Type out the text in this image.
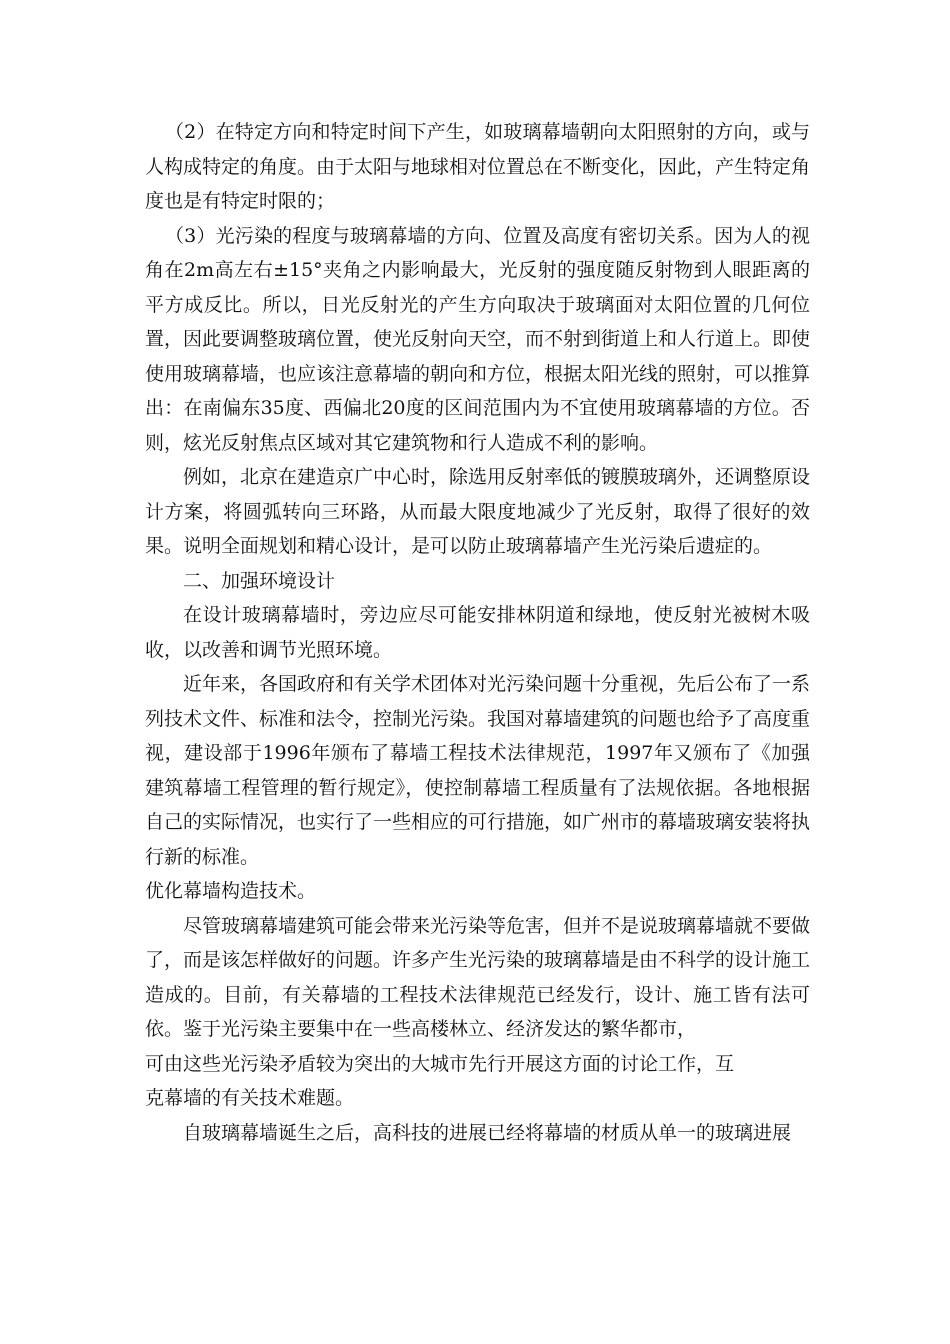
（2）在特定方向和特定时间下产生，如玻璃幕墙朝向太阳照射的方向，或与人构成特定的角度。由于太阳与地球相对位置总在不断变化，因此，产生特定角度也是有特定时限的；

（3）光污染的程度与玻璃幕墙的方向、位置及高度有密切关系。因为人的视角在2m高左右±15°夹角之内影响最大，光反射的强度随反射物到人眼距离的平方成反比。所以，日光反射光的产生方向取决于玻璃面对太阳位置的几何位置，因此要调整玻璃位置，使光反射向天空，而不射到街道上和人行道上。即使使用玻璃幕墙，也应该注意幕墙的朝向和方位，根据太阳光线的照射，可以推算出：在南偏东35度、西偏北20度的区间范围内为不宜使用玻璃幕墙的方位。否则，炫光反射焦点区域对其它建筑物和行人造成不利的影响。

例如，北京在建造京广中心时，除选用反射率低的镀膜玻璃外，还调整原设计方案，将圆弧转向三环路，从而最大限度地减少了光反射，取得了很好的效果。说明全面规划和精心设计，是可以防止玻璃幕墙产生光污染后遗症的。

二、加强环境设计

在设计玻璃幕墙时，旁边应尽可能安排林阴道和绿地，使反射光被树木吸收，以改善和调节光照环境。

近年来，各国政府和有关学术团体对光污染问题十分重视，先后公布了一系列技术文件、标准和法令，控制光污染。我国对幕墙建筑的问题也给予了高度重视，建设部于1996年颁布了幕墙工程技术法律规范，1997年又颁布了《加强建筑幕墙工程管理的暂行规定》，使控制幕墙工程质量有了法规依据。各地根据自己的实际情况，也实行了一些相应的可行措施，如广州市的幕墙玻璃安装将执行新的标准。

优化幕墙构造技术。

尽管玻璃幕墙建筑可能会带来光污染等危害，但并不是说玻璃幕墙就不要做了，而是该怎样做好的问题。许多产生光污染的玻璃幕墙是由不科学的设计施工造成的。目前，有关幕墙的工程技术法律规范已经发行，设计、施工皆有法可依。鉴于光污染主要集中在一些高楼林立、经济发达的繁华都市，

可由这些光污染矛盾较为突出的大城市先行开展这方面的讨论工作，互

克幕墙的有关技术难题。

自玻璃幕墙诞生之后，高科技的进展已经将幕墙的材质从单一的玻璃进展
